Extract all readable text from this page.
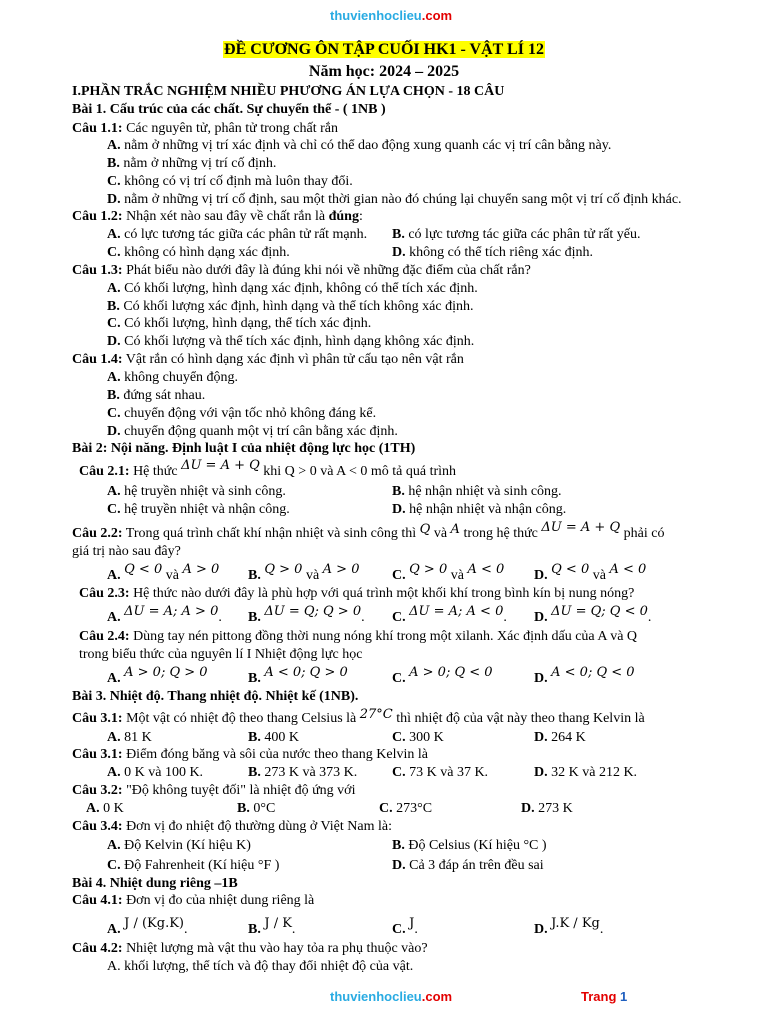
thuvienhoclieu.com
ĐỀ CƯƠNG ÔN TẬP CUỐI HK1 - VẬT LÍ 12
Năm học: 2024 – 2025
I.PHẦN TRẮC NGHIỆM NHIỀU PHƯƠNG ÁN LỰA CHỌN - 18 CÂU
Bài 1. Cấu trúc của các chất. Sự chuyển thể - ( 1NB )
Câu 1.1: Các nguyên tử, phân tử trong chất rắn
A. nằm ở những vị trí xác định và chỉ có thể dao động xung quanh các vị trí cân bằng này.
B. nằm ở những vị trí cố định.
C. không có vị trí cố định mà luôn thay đổi.
D. nằm ở những vị trí cố định, sau một thời gian nào đó chúng lại chuyển sang một vị trí cố định khác.
Câu 1.2: Nhận xét nào sau đây về chất rắn là đúng:
A. có lực tương tác giữa các phân tử rất mạnh. B. có lực tương tác giữa các phân tử rất yếu.
C. không có hình dạng xác định.	D. không có thể tích riêng xác định.
Câu 1.3: Phát biểu nào dưới đây là đúng khi nói về những đặc điểm của chất rắn?
A. Có khối lượng, hình dạng xác định, không có thể tích xác định.
B. Có khối lượng xác định, hình dạng và thể tích không xác định.
C. Có khối lượng, hình dạng, thể tích xác định.
D. Có khối lượng và thể tích xác định, hình dạng không xác định.
Câu 1.4: Vật rắn có hình dạng xác định vì phân tử cấu tạo nên vật rắn
A. không chuyển động.
B. đứng sát nhau.
C. chuyển động với vận tốc nhỏ không đáng kể.
D. chuyển động quanh một vị trí cân bằng xác định.
Bài 2: Nội năng. Định luật I của nhiệt động lực học (1TH)
Câu 2.1: Hệ thức ΔU = A + Q khi Q > 0 và A < 0 mô tả quá trình
A. hệ truyền nhiệt và sinh công.	B. hệ nhận nhiệt và sinh công.
C. hệ truyền nhiệt và nhận công.	D. hệ nhận nhiệt và nhận công.
Câu 2.2: Trong quá trình chất khí nhận nhiệt và sinh công thì Q và A trong hệ thức ΔU = A + Q phải có
giá trị nào sau đây?
A. Q < 0 và A > 0 B. Q > 0 và A > 0 C. Q > 0 và A < 0 D. Q < 0 và A < 0
Câu 2.3: Hệ thức nào dưới đây là phù hợp với quá trình một khối khí trong bình kín bị nung nóng?
A. ΔU = A; A > 0. B. ΔU = Q; Q > 0. C. ΔU = A; A < 0. D. ΔU = Q; Q < 0.
Câu 2.4: Dùng tay nén pittong đồng thời nung nóng khí trong một xilanh. Xác định dấu của A và Q
trong biểu thức của nguyên lí I Nhiệt động lực học
A. A > 0; Q > 0	B. A < 0; Q > 0	C. A > 0; Q < 0	D. A < 0; Q < 0
Bài 3. Nhiệt độ. Thang nhiệt độ. Nhiệt kế (1NB).
Câu 3.1: Một vật có nhiệt độ theo thang Celsius là 27°C thì nhiệt độ của vật này theo thang Kelvin là
A. 81 K	B. 400 K	C. 300 K	D. 264 K
Câu 3.1: Điểm đóng băng và sôi của nước theo thang Kelvin là
A. 0 K và 100 K.	B. 273 K và 373 K. C. 73 K và 37 K.	D. 32 K và 212 K.
Câu 3.2: "Độ không tuyệt đối" là nhiệt độ ứng với
A. 0 K	B. 0°C	C. 273°C	D. 273 K
Câu 3.4: Đơn vị đo nhiệt độ thường dùng ở Việt Nam là:
A. Độ Kelvin (Kí hiệu K)	B. Độ Celsius (Kí hiệu °C )
C. Độ Fahrenheit (Kí hiệu °F )	D. Cả 3 đáp án trên đều sai
Bài 4. Nhiệt dung riêng –1B
Câu 4.1: Đơn vị đo của nhiệt dung riêng là
A. J / (Kg.K).	B. J / K.	C. J.	D. J.K / Kg.
Câu 4.2: Nhiệt lượng mà vật thu vào hay tỏa ra phụ thuộc vào?
A. khối lượng, thể tích và độ thay đổi nhiệt độ của vật.
thuvienhoclieu.com	Trang 1
